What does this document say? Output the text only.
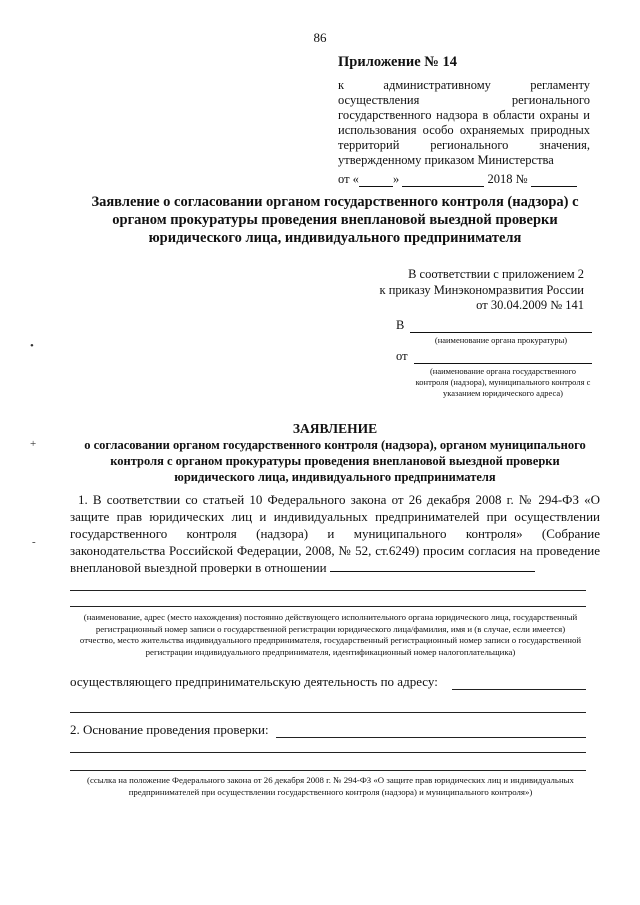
•
+
-
86
Приложение № 14
к административному регламенту осуществления регионального государственного надзора в области охраны и использования особо охраняемых природных территорий регионального значения, утвержденному приказом Министерства
от «	»	2018 №
Заявление о согласовании органом государственного контроля (надзора) с органом прокуратуры проведения внеплановой выездной проверки юридического лица, индивидуального предпринимателя
В соответствии с приложением 2
к приказу Минэкономразвития России
от 30.04.2009 № 141
В
(наименование органа прокуратуры)
от
(наименование органа государственного контроля (надзора), муниципального контроля с указанием юридического адреса)
ЗАЯВЛЕНИЕ
о согласовании органом государственного контроля (надзора), органом муниципального контроля с органом прокуратуры проведения внеплановой выездной проверки юридического лица, индивидуального предпринимателя
1. В соответствии со статьей 10 Федерального закона от 26 декабря 2008 г. № 294-ФЗ «О защите прав юридических лиц и индивидуальных предпринимателей при осуществлении государственного контроля (надзора) и муниципального контроля» (Собрание законодательства Российской Федерации, 2008, № 52, ст.6249) просим согласия на проведение внеплановой выездной проверки в отношении
(наименование, адрес (место нахождения) постоянно действующего исполнительного органа юридического лица, государственный регистрационный номер записи о государственной регистрации юридического лица/фамилия, имя и (в случае, если имеется) отчество, место жительства индивидуального предпринимателя, государственный регистрационный номер записи о государственной регистрации индивидуального предпринимателя, идентификационный номер налогоплательщика)
осуществляющего предпринимательскую деятельность по адресу:
2. Основание проведения проверки:
(ссылка на положение Федерального закона от 26 декабря 2008 г. № 294-ФЗ «О защите прав юридических лиц и индивидуальных предпринимателей при осуществлении государственного контроля (надзора) и муниципального контроля»)
